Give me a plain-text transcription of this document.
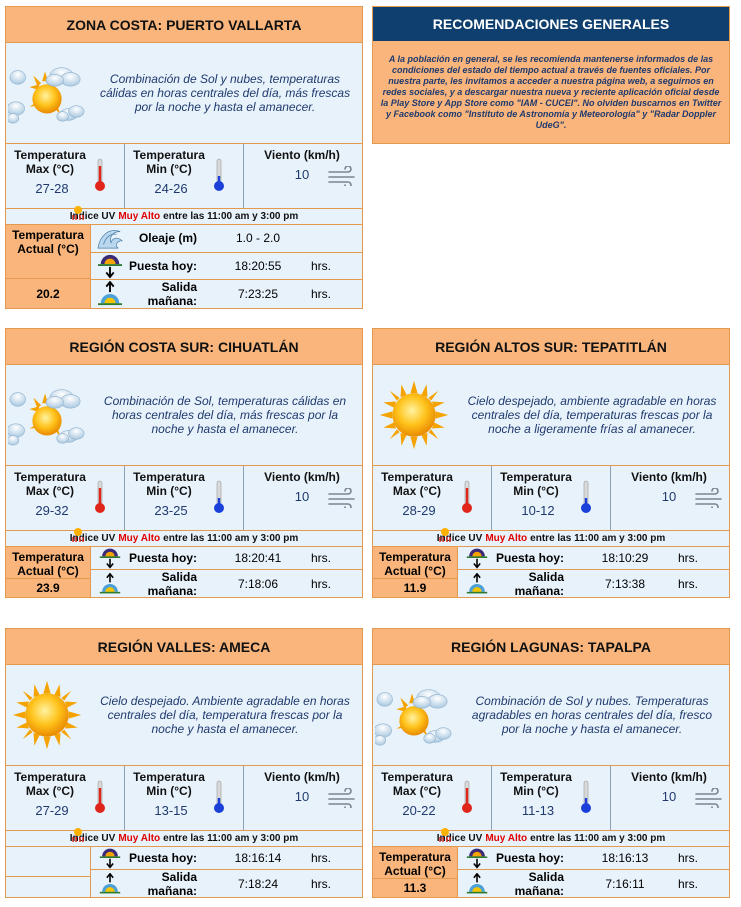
RECOMENDACIONES GENERALES
A la población en general, se les recomienda mantenerse informados de las condiciones del estado del tiempo actual a través de fuentes oficiales. Por nuestra parte, les invitamos a acceder a nuestra página web, a seguirnos en redes sociales, y a descargar nuestra nueva y reciente aplicación oficial desde la Play Store y App Store como "IAM - CUCEI". No olviden buscarnos en Twitter y Facebook como "Instituto de Astronomía y Meteorología" y "Radar Doppler UdeG".
ZONA COSTA: PUERTO VALLARTA
Combinación de Sol y nubes, temperaturas cálidas en horas centrales del día, más frescas por la noche y hasta el amanecer.
Temperatura Max (°C)
27-28
Temperatura Min (°C)
24-26
Viento (km/h)
10
Indice UV Muy Alto entre las 11:00 am y 3:00 pm
Temperatura Actual (°C)
20.2
Oleaje (m)	1.0 - 2.0
Puesta hoy:	18:20:55	hrs.
Salida mañana:	7:23:25	hrs.
REGIÓN COSTA SUR: CIHUATLÁN
Combinación de Sol, temperaturas cálidas en horas centrales del día, más frescas por la noche y hasta el amanecer.
Temperatura Max (°C)
29-32
Temperatura Min (°C)
23-25
Viento (km/h)
10
Indice UV Muy Alto entre las 11:00 am y 3:00 pm
Temperatura Actual (°C)
23.9
Puesta hoy:	18:20:41	hrs.
Salida mañana:	7:18:06	hrs.
REGIÓN ALTOS SUR: TEPATITLÁN
Cielo despejado, ambiente agradable en horas centrales del día, temperaturas frescas por la noche a ligeramente frías al amanecer.
Temperatura Max (°C)
28-29
Temperatura Min (°C)
10-12
Viento (km/h)
10
Indice UV Muy Alto entre las 11:00 am y 3:00 pm
Temperatura Actual (°C)
11.9
Puesta hoy:	18:10:29	hrs.
Salida mañana:	7:13:38	hrs.
REGIÓN VALLES: AMECA
Cielo despejado. Ambiente agradable en horas centrales del día, temperatura frescas por la noche y hasta el amanecer.
Temperatura Max (°C)
27-29
Temperatura Min (°C)
13-15
Viento (km/h)
10
Indice UV Muy Alto entre las 11:00 am y 3:00 pm
Puesta hoy:	18:16:14	hrs.
Salida mañana:	7:18:24	hrs.
REGIÓN LAGUNAS: TAPALPA
Combinación de Sol y nubes. Temperaturas agradables en horas centrales del día, fresco por la noche y hasta el amanecer.
Temperatura Max (°C)
20-22
Temperatura Min (°C)
11-13
Viento (km/h)
10
Indice UV Muy Alto entre las 11:00 am y 3:00 pm
Temperatura Actual (°C)
11.3
Puesta hoy:	18:16:13	hrs.
Salida mañana:	7:16:11	hrs.
